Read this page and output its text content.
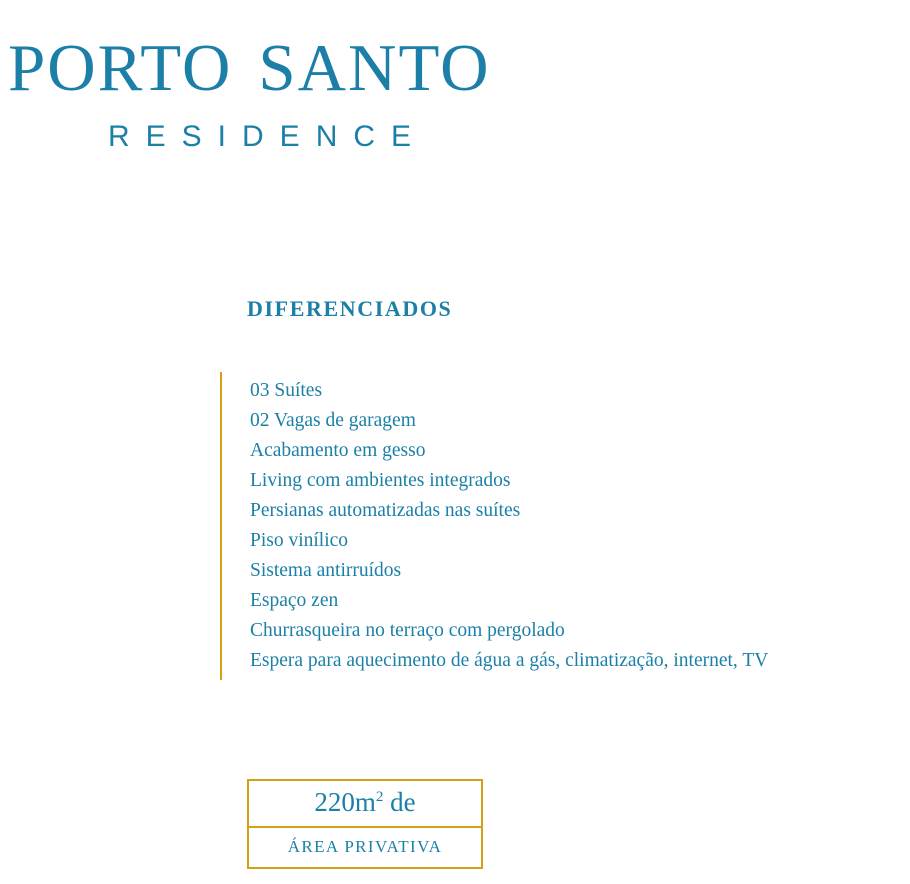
porto santo
RESIDENCE
DIFERENCIADOS
03 Suítes
02 Vagas de garagem
Acabamento em gesso
Living com ambientes integrados
Persianas automatizadas nas suítes
Piso vinílico
Sistema antirruídos
Espaço zen
Churrasqueira no terraço com pergolado
Espera para aquecimento de água a gás, climatização, internet, TV
$220m^2$ de
ÁREA PRIVATIVA
